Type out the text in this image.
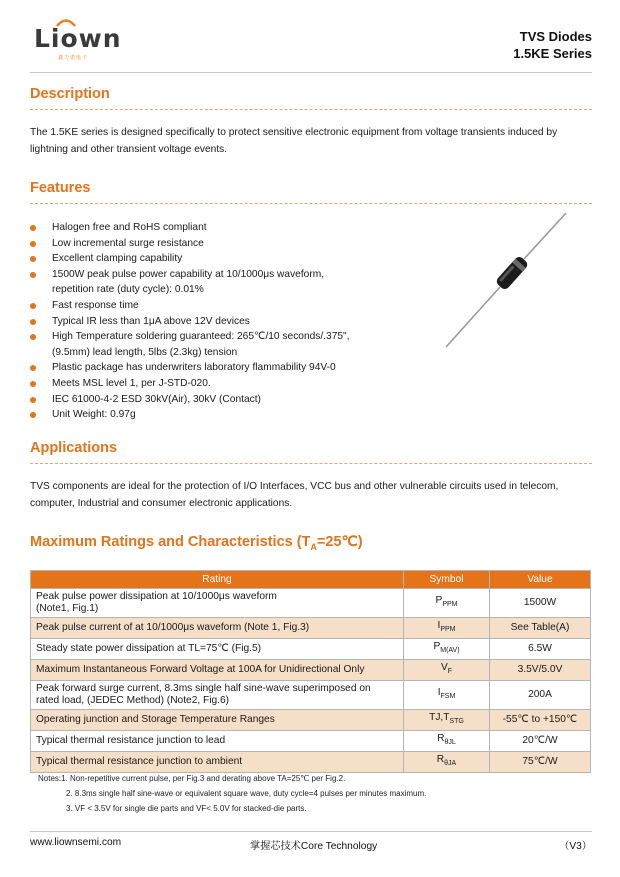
Liown
鑫力诺电子
TVS Diodes
1.5KE Series
Description
The 1.5KE series is designed specifically to protect sensitive electronic equipment from voltage transients induced by lightning and other transient voltage events.
Features
Halogen free and RoHS compliant
Low incremental surge resistance
Excellent clamping capability
1500W peak pulse power capability at 10/1000μs waveform,
repetition rate (duty cycle): 0.01%
Fast response time
Typical IR less than 1μA above 12V devices
High Temperature soldering guaranteed: 265℃/10 seconds/.375",
(9.5mm) lead length, 5lbs (2.3kg) tension
Plastic package has underwriters laboratory flammability 94V-0
Meets MSL level 1, per J-STD-020.
IEC 61000-4-2 ESD 30kV(Air), 30kV (Contact)
Unit Weight: 0.97g
Applications
TVS components are ideal for the protection of I/O Interfaces, VCC bus and other vulnerable circuits used in telecom, computer, Industrial and consumer electronic applications.
Maximum Ratings and Characteristics $(T_A=25℃)$
Rating	Symbol	Value

Peak pulse power dissipation at 10/1000μs waveform
(Note1, Fig.1)	$P_{PPM}$	1500W
Peak pulse current of at 10/1000μs waveform (Note 1, Fig.3)	$I_{PPM}$	See Table(A)
Steady state power dissipation at TL=75℃ (Fig.5)	$P_{M(AV)}$	6.5W
Maximum Instantaneous Forward Voltage at 100A for Unidirectional Only	$V_F$	3.5V/5.0V

Peak forward surge current, 8.3ms single half sine-wave superimposed on
rated load, (JEDEC Method) (Note2, Fig.6)	$I_{FSM}$	200A
Operating junction and Storage Temperature Ranges	$TJ,T_{STG}$	-55℃ to +150℃
Typical thermal resistance junction to lead	$R_{\theta JL}$	20℃/W
Typical thermal resistance junction to ambient	$R_{\theta JA}$	75℃/W
Notes:1. Non-repetitive current pulse, per Fig.3 and derating above TA=25℃ per Fig.2.
2. 8.3ms single half sine-wave or equivalent square wave, duty cycle=4 pulses per minutes maximum.
3. VF < 3.5V for single die parts and VF< 5.0V for stacked-die parts.
www.liownsemi.com	掌握芯技术Core Technology	（V3）
